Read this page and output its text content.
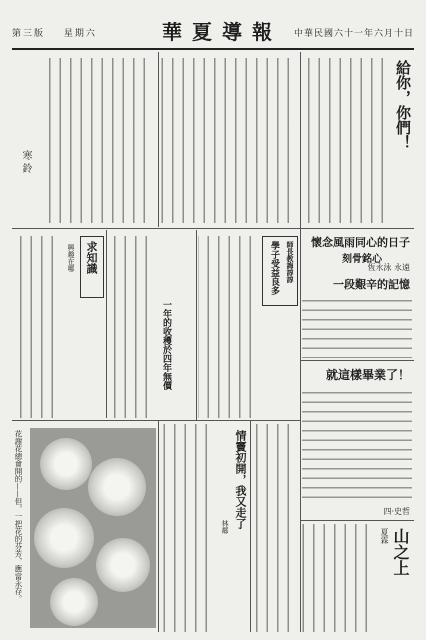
第三版 星期六	華夏導報 中華民國六十一年六月十日
給你，你們！
寒鈴
懷念風雨同心的日子
刻骨銘心
恆永泳 永遠
一段艱辛的記憶
就這樣畢業了！
四·史哲
山之上
夏霖
師長教誨諄諄
學子受益良多
一年的收穫於四年無價
求知識
興趣在哪
情竇初開，我又走了
林鄰
花謝花總會開的——但，一把花的芬芳，應當永存。
